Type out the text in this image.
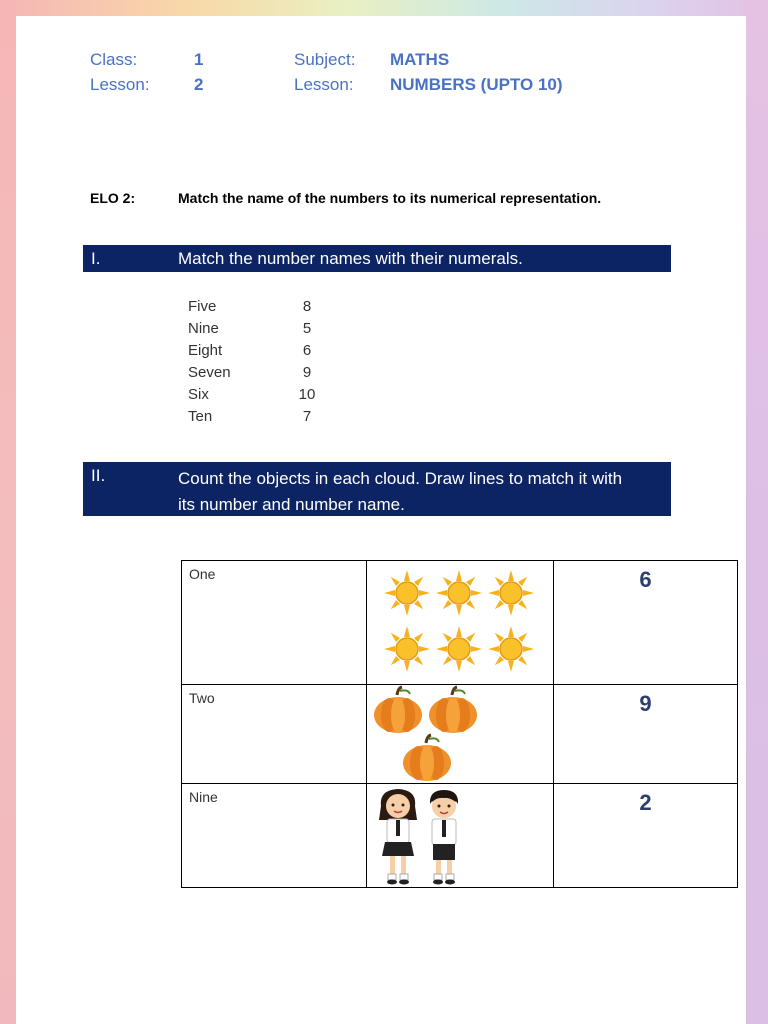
Class:	1
Lesson:	2
Subject: MATHS
Lesson: NUMBERS (UPTO 10)
ELO 2:	Match the name of the numbers to its numerical representation.
I.	Match the number names with their numerals.
Five	8
Nine	5
Eight	6
Seven	9
Six	10
Ten	7
II.	Count the objects in each cloud. Draw lines to match it with
its number and number name.
One		6
Two		9
Nine		2
